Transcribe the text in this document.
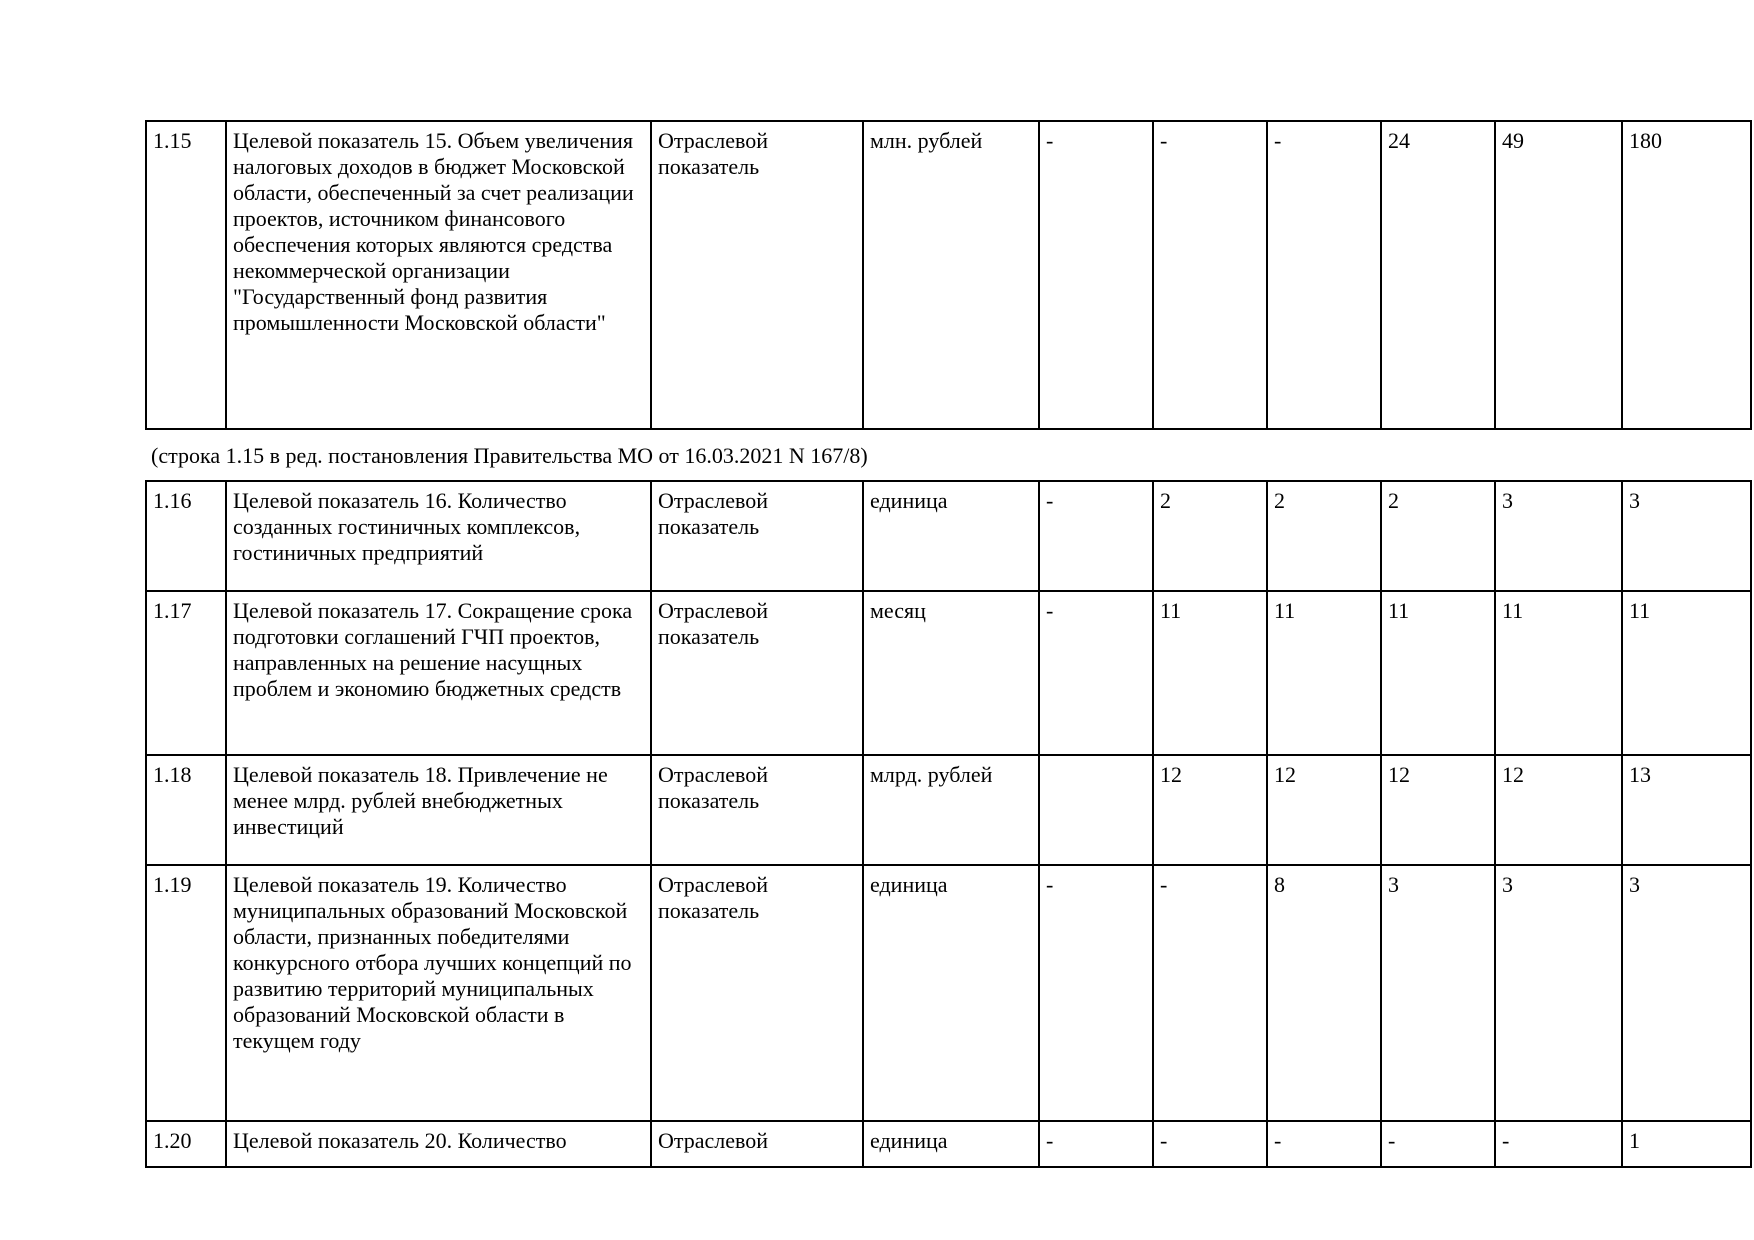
1.15	Целевой показатель 15. Объем увеличения налоговых доходов в бюджет Московской области, обеспеченный за счет реализации проектов, источником финансового обеспечения которых являются средства некоммерческой организации "Государственный фонд развития промышленности Московской области"	Отраслевой показатель	млн. рублей	-	-	-	24	49	180
(строка 1.15 в ред. постановления Правительства МО от 16.03.2021 N 167/8)
1.16	Целевой показатель 16. Количество созданных гостиничных комплексов, гостиничных предприятий	Отраслевой показатель	единица	-	2	2	2	3	3
1.17	Целевой показатель 17. Сокращение срока подготовки соглашений ГЧП проектов, направленных на решение насущных проблем и экономию бюджетных средств	Отраслевой показатель	месяц	-	11	11	11	11	11
1.18	Целевой показатель 18. Привлечение не менее млрд. рублей внебюджетных инвестиций	Отраслевой показатель	млрд. рублей		12	12	12	12	13
1.19	Целевой показатель 19. Количество муниципальных образований Московской области, признанных победителями конкурсного отбора лучших концепций по развитию территорий муниципальных образований Московской области в текущем году	Отраслевой показатель	единица	-	-	8	3	3	3
1.20	Целевой показатель 20. Количество	Отраслевой	единица	-	-	-	-	-	1
